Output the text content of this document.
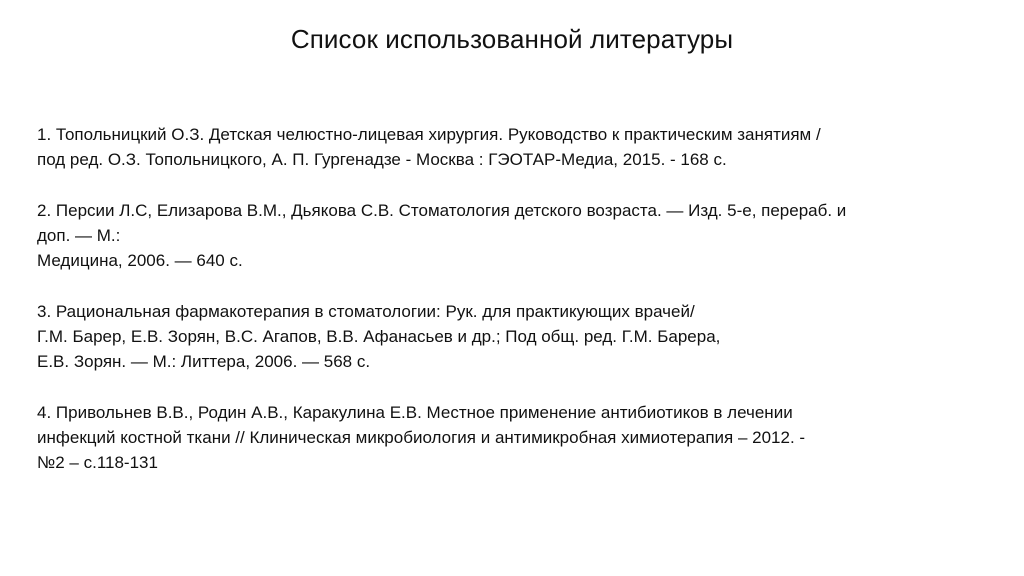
Список использованной литературы
1. Топольницкий О.З. Детская челюстно-лицевая хирургия. Руководство к практическим занятиям /
под ред. О.З. Топольницкого, А. П. Гургенадзе - Москва : ГЭОТАР-Медиа, 2015. - 168 с.
2. Персии Л.С, Елизарова В.М., Дьякова С.В. Стоматология детского возраста. — Изд. 5-е, перераб. и
доп. — М.:
Медицина, 2006. — 640 с.
3. Рациональная фармакотерапия в стоматологии: Рук. для практикующих врачей/
Г.М. Барер, Е.В. Зорян, В.С. Агапов, В.В. Афанасьев и др.; Под общ. ред. Г.М. Барера,
Е.В. Зорян. — М.: Литтера, 2006. — 568 с.
4. Привольнев В.В., Родин А.В., Каракулина Е.В. Местное применение антибиотиков в лечении
инфекций костной ткани // Клиническая микробиология и антимикробная химиотерапия – 2012. -
№2 – с.118-131
